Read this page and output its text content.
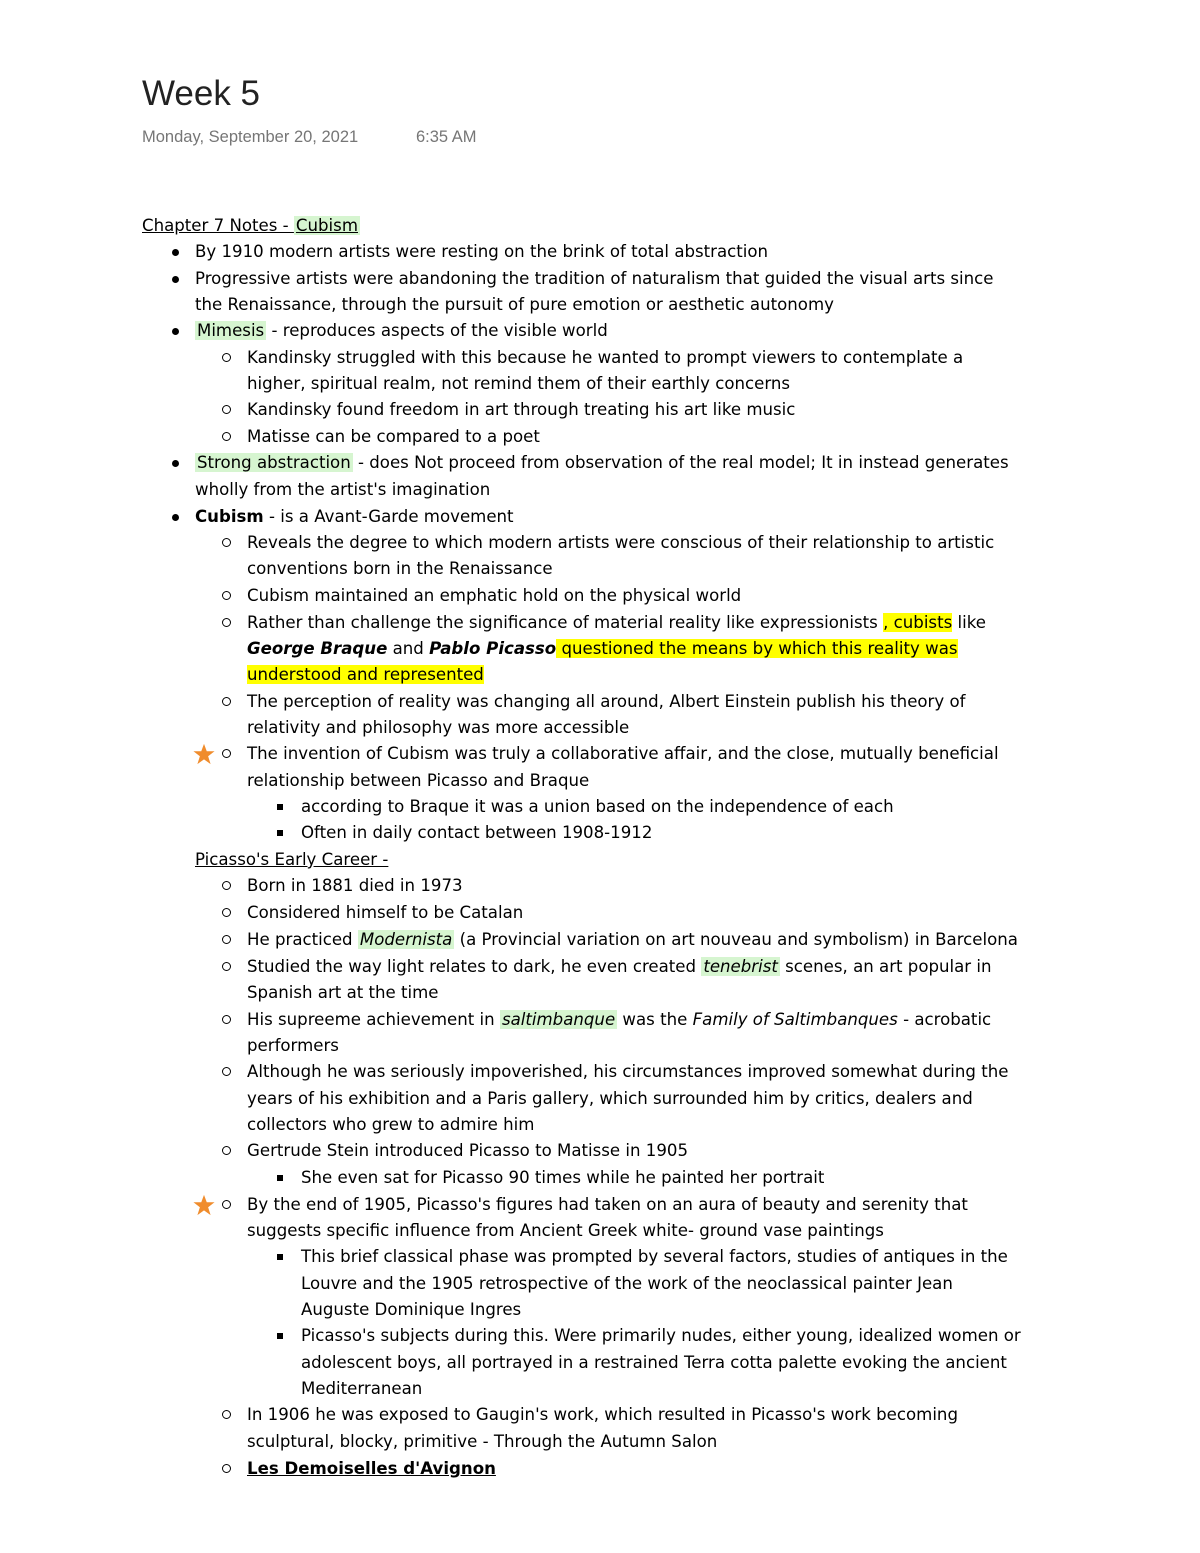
Week 5
Monday, September 20, 2021	6:35 AM
Chapter 7 Notes - Cubism
By 1910 modern artists were resting on the brink of total abstraction
Progressive artists were abandoning the tradition of naturalism that guided the visual arts since
the Renaissance, through the pursuit of pure emotion or aesthetic autonomy
Mimesis - reproduces aspects of the visible world
Kandinsky struggled with this because he wanted to prompt viewers to contemplate a
higher, spiritual realm, not remind them of their earthly concerns
Kandinsky found freedom in art through treating his art like music
Matisse can be compared to a poet
Strong abstraction - does Not proceed from observation of the real model; It in instead generates
wholly from the artist's imagination
Cubism - is a Avant-Garde movement
Reveals the degree to which modern artists were conscious of their relationship to artistic
conventions born in the Renaissance
Cubism maintained an emphatic hold on the physical world
Rather than challenge the significance of material reality like expressionists , cubists like
George Braque and Pablo Picasso questioned the means by which this reality was
understood and represented
The perception of reality was changing all around, Albert Einstein publish his theory of
relativity and philosophy was more accessible
The invention of Cubism was truly a collaborative affair, and the close, mutually beneficial
relationship between Picasso and Braque
according to Braque it was a union based on the independence of each
Often in daily contact between 1908-1912
Picasso's Early Career -
Born in 1881 died in 1973
Considered himself to be Catalan
He practiced Modernista (a Provincial variation on art nouveau and symbolism) in Barcelona
Studied the way light relates to dark, he even created tenebrist scenes, an art popular in
Spanish art at the time
His supreeme achievement in saltimbanque was the Family of Saltimbanques - acrobatic
performers
Although he was seriously impoverished, his circumstances improved somewhat during the
years of his exhibition and a Paris gallery, which surrounded him by critics, dealers and
collectors who grew to admire him
Gertrude Stein introduced Picasso to Matisse in 1905
She even sat for Picasso 90 times while he painted her portrait
By the end of 1905, Picasso's figures had taken on an aura of beauty and serenity that
suggests specific influence from Ancient Greek white- ground vase paintings
This brief classical phase was prompted by several factors, studies of antiques in the
Louvre and the 1905 retrospective of the work of the neoclassical painter Jean
Auguste Dominique Ingres
Picasso's subjects during this. Were primarily nudes, either young, idealized women or
adolescent boys, all portrayed in a restrained Terra cotta palette evoking the ancient
Mediterranean
In 1906 he was exposed to Gaugin's work, which resulted in Picasso's work becoming
sculptural, blocky, primitive - Through the Autumn Salon
Les Demoiselles d'Avignon
